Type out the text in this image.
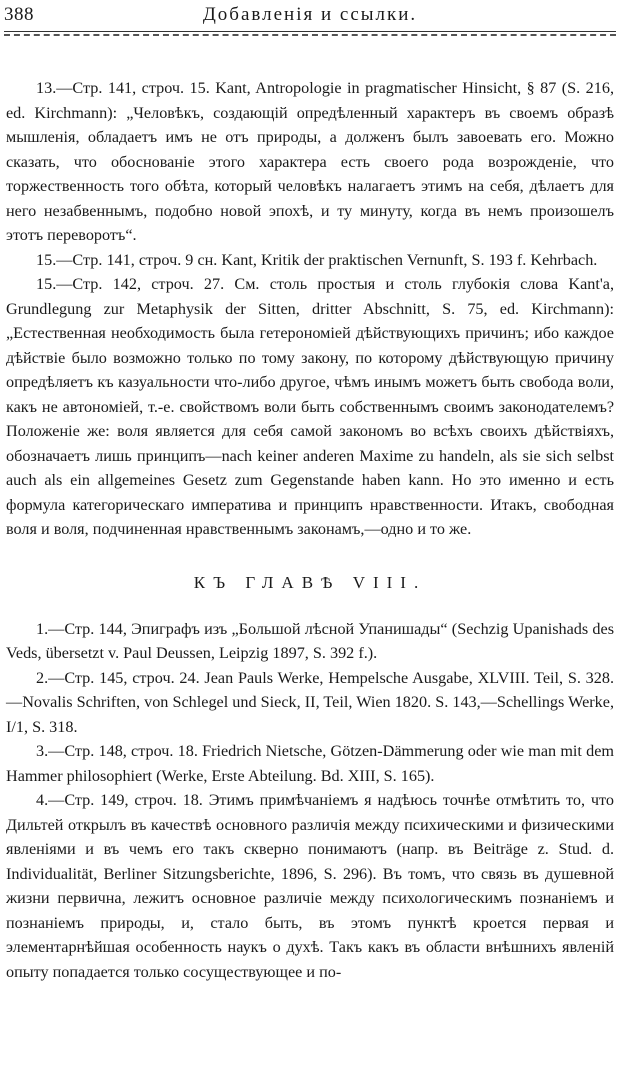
388	Добавленія и ссылки.

13.—Стр. 141, строч. 15. Kant, Antropologie in pragmatischer Hinsicht, § 87 (S. 216, ed. Kirchmann): „Человѣкъ, создающій опредѣленный характеръ въ своемъ образѣ мышленія, обладаетъ имъ не отъ природы, а долженъ былъ завоевать его. Можно сказать, что обоснованіе этого характера есть своего рода возрожденіе, что торжественность того обѣта, который человѣкъ налагаетъ этимъ на себя, дѣлаетъ для него незабвеннымъ, подобно новой эпохѣ, и ту минуту, когда въ немъ произошелъ этотъ переворотъ“.

15.—Стр. 141, строч. 9 сн. Kant, Kritik der praktischen Vernunft, S. 193 f. Kehrbach.

15.—Стр. 142, строч. 27. См. столь простыя и столь глубокія слова Kant'а, Grundlegung zur Metaphysik der Sitten, dritter Abschnitt, S. 75, ed. Kirchmann): „Естественная необходимость была гетерономіей дѣйствующихъ причинъ; ибо каждое дѣйствіе было возможно только по тому закону, по которому дѣйствующую причину опредѣляетъ къ казуальности что-либо другое, чѣмъ инымъ можетъ быть свобода воли, какъ не автономіей, т.-е. свойствомъ воли быть собственнымъ своимъ законодателемъ? Положеніе же: воля является для себя самой закономъ во всѣхъ своихъ дѣйствіяхъ, обозначаетъ лишь принципъ—nach keiner anderen Maxime zu handeln, als sie sich selbst auch als ein allgemeines Gesetz zum Gegenstande haben kann. Но это именно и есть формула категорическаго императива и принципъ нравственности. Итакъ, свободная воля и воля, подчиненная нравственнымъ законамъ,—одно и то же.

КЪ ГЛАВѢ VIII.

1.—Стр. 144, Эпиграфъ изъ „Большой лѣсной Упанишады“ (Sechzig Upanishads des Veds, übersetzt v. Paul Deussen, Leipzig 1897, S. 392 f.).

2.—Стр. 145, строч. 24. Jean Pauls Werke, Hempelsche Ausgabe, XLVIII. Teil, S. 328.—Novalis Schriften, von Schlegel und Sieck, II, Teil, Wien 1820. S. 143,—Schellings Werke, I/1, S. 318.

3.—Стр. 148, строч. 18. Friedrich Nietsche, Götzen-Dämmerung oder wie man mit dem Hammer philosophiert (Werke, Erste Abteilung. Bd. XIII, S. 165).

4.—Стр. 149, строч. 18. Этимъ примѣчаніемъ я надѣюсь точнѣе отмѣтить то, что Дильтей открылъ въ качествѣ основного различія между психическими и физическими явленіями и въ чемъ его такъ скверно понимаютъ (напр. въ Beiträge z. Stud. d. Individualität, Berliner Sitzungsberichte, 1896, S. 296). Въ томъ, что связь въ душевной жизни первична, лежитъ основное различіе между психологическимъ познаніемъ и познаніемъ природы, и, стало быть, въ этомъ пунктѣ кроется первая и элементарнѣйшая особенность наукъ о духѣ. Такъ какъ въ области внѣшнихъ явленій опыту попадается только сосуществующее и по-
